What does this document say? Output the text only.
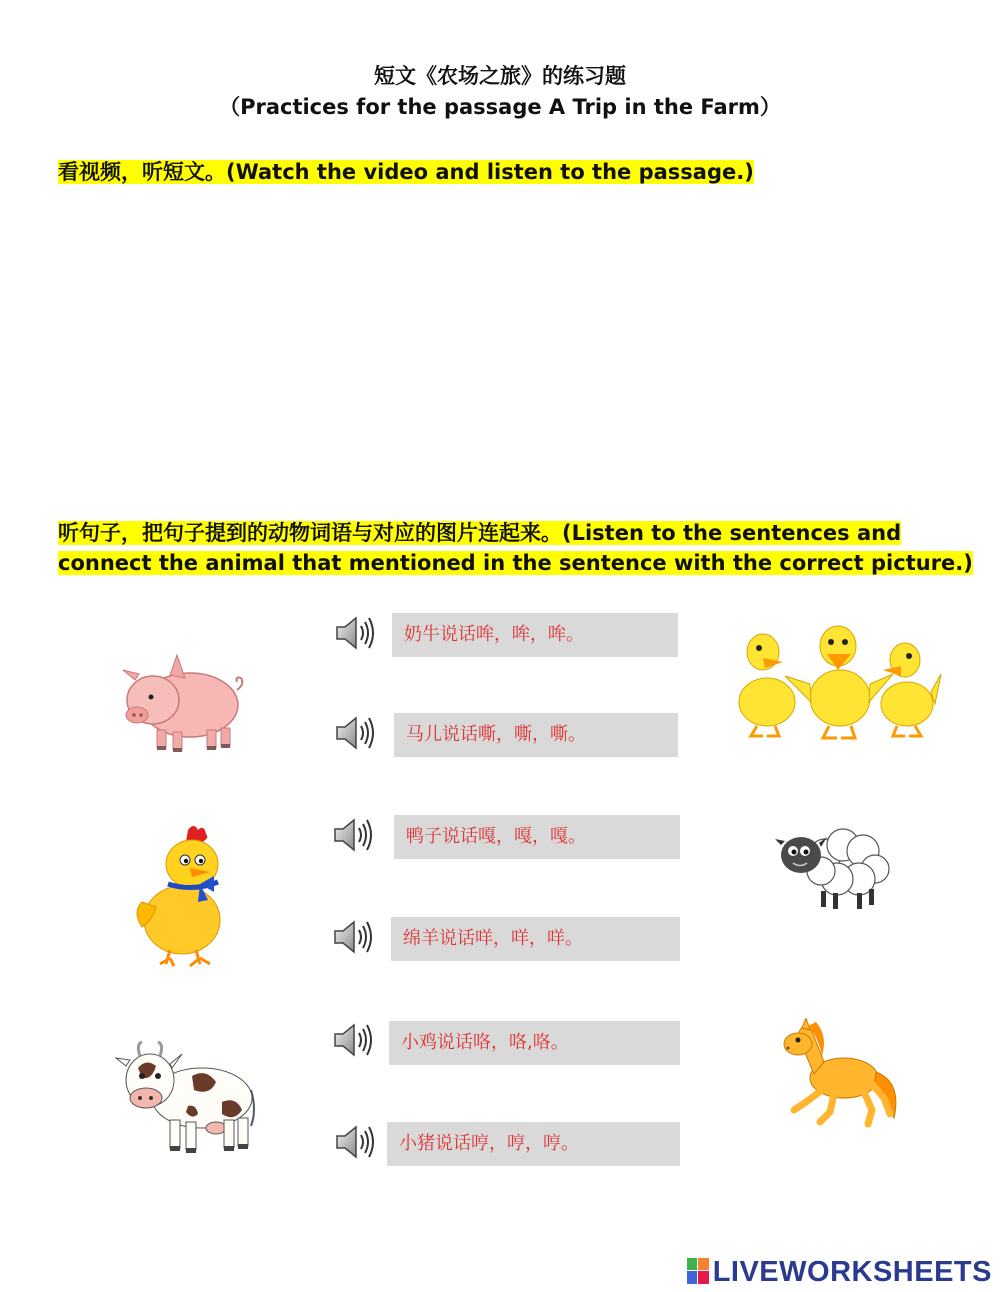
短文《农场之旅》的练习题
（Practices for the passage A Trip in the Farm）
看视频，听短文。(Watch the video and listen to the passage.)
听句子，把句子提到的动物词语与对应的图片连起来。(Listen to the sentences and
connect the animal that mentioned in the sentence with the correct picture.)
奶牛说话哞，哞，哞。
马儿说话嘶，嘶，嘶。
鸭子说话嘎，嘎，嘎。
绵羊说话咩，咩，咩。
小鸡说话咯，咯,咯。
小猪说话哼，哼，哼。
LIVEWORKSHEETS
